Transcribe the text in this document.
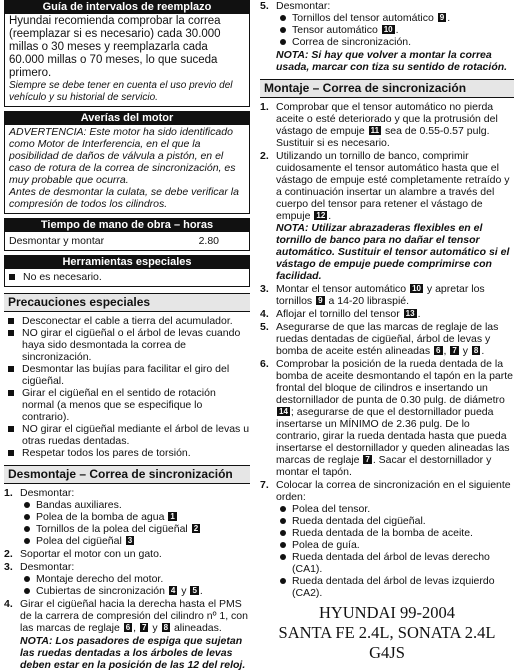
Guía de intervalos de reemplazo
Hyundai recomienda comprobar la correa (reemplazar si es necesario) cada 30.000 millas o 30 meses y reemplazarla cada 60.000 millas o 70 meses, lo que suceda primero.
Siempre se debe tener en cuenta el uso previo del vehículo y su historial de servicio.
Averías del motor
ADVERTENCIA: Este motor ha sido identificado como Motor de Interferencia, en el que la posibilidad de daños de válvula a pistón, en el caso de rotura de la correa de sincronización, es muy probable que ocurra.
Antes de desmontar la culata, se debe verificar la compresión de todos los cilindros.
Tiempo de mano de obra – horas
Desmontar y montar	2.80
Herramientas especiales
No es necesario.
Precauciones especiales
Desconectar el cable a tierra del acumulador.
NO girar el cigüeñal o el árbol de levas cuando haya sido desmontada la correa de sincronización.
Desmontar las bujías para facilitar el giro del cigüeñal.
Girar el cigüeñal en el sentido de rotación normal (a menos que se especifique lo contrario).
NO girar el cigüeñal mediante el árbol de levas u otras ruedas dentadas.
Respetar todos los pares de torsión.
Desmontaje – Correa de sincronización
1. Desmontar:
Bandas auxiliares.
Polea de la bomba de agua 1
Tornillos de la polea del cigüeñal 2
Polea del cigüeñal 3
2. Soportar el motor con un gato.
3. Desmontar:
Montaje derecho del motor.
Cubiertas de sincronización 4 y 5 .
4. Girar el cigüeñal hacia la derecha hasta el PMS de la carrera de compresión del cilindro nº 1, con las marcas de reglaje 6 , 7 y 8 alineadas.
NOTA: Los pasadores de espiga que sujetan las ruedas dentadas a los árboles de levas deben estar en la posición de las 12 del reloj.
5. Desmontar:
Tornillos del tensor automático 9 .
Tensor automático 10 .
Correa de sincronización.
NOTA: Si hay que volver a montar la correa usada, marcar con tiza su sentido de rotación.
Montaje – Correa de sincronización
1. Comprobar que el tensor automático no pierda aceite o esté deteriorado y que la protrusión del vástago de empuje 11 sea de 0.55-0.57 pulg. Sustituir si es necesario.
2. Utilizando un tornillo de banco, comprimir cuidosamente el tensor automático hasta que el vástago de empuje esté completamente retraído y a continuación insertar un alambre a través del cuerpo del tensor para retener el vástago de empuje 12 .
NOTA: Utilizar abrazaderas flexibles en el tornillo de banco para no dañar el tensor automático. Sustituir el tensor automático si el vástago de empuje puede comprimirse con facilidad.
3. Montar el tensor automático 10 y apretar los tornillos 9 a 14-20 libraspié.
4. Aflojar el tornillo del tensor 13 .
5. Asegurarse de que las marcas de reglaje de las ruedas dentadas de cigüeñal, árbol de levas y bomba de aceite estén alineadas 6 , 7 y 8 .
6. Comprobar la posición de la rueda dentada de la bomba de aceite desmontando el tapón en la parte frontal del bloque de cilindros e insertando un destornillador de punta de 0.30 pulg. de diámetro 14 ; asegurarse de que el destornillador pueda insertarse un MÍNIMO de 2.36 pulg. De lo contrario, girar la rueda dentada hasta que pueda insertarse el destornillador y queden alineadas las marcas de reglaje 7 . Sacar el destornillador y montar el tapón.
7. Colocar la correa de sincronización en el siguiente orden:
Polea del tensor.
Rueda dentada del cigüeñal.
Rueda dentada de la bomba de aceite.
Polea de guía.
Rueda dentada del árbol de levas derecho (CA1).
Rueda dentada del árbol de levas izquierdo (CA2).
HYUNDAI 99-2004
SANTA FE 2.4L, SONATA 2.4L
G4JS
